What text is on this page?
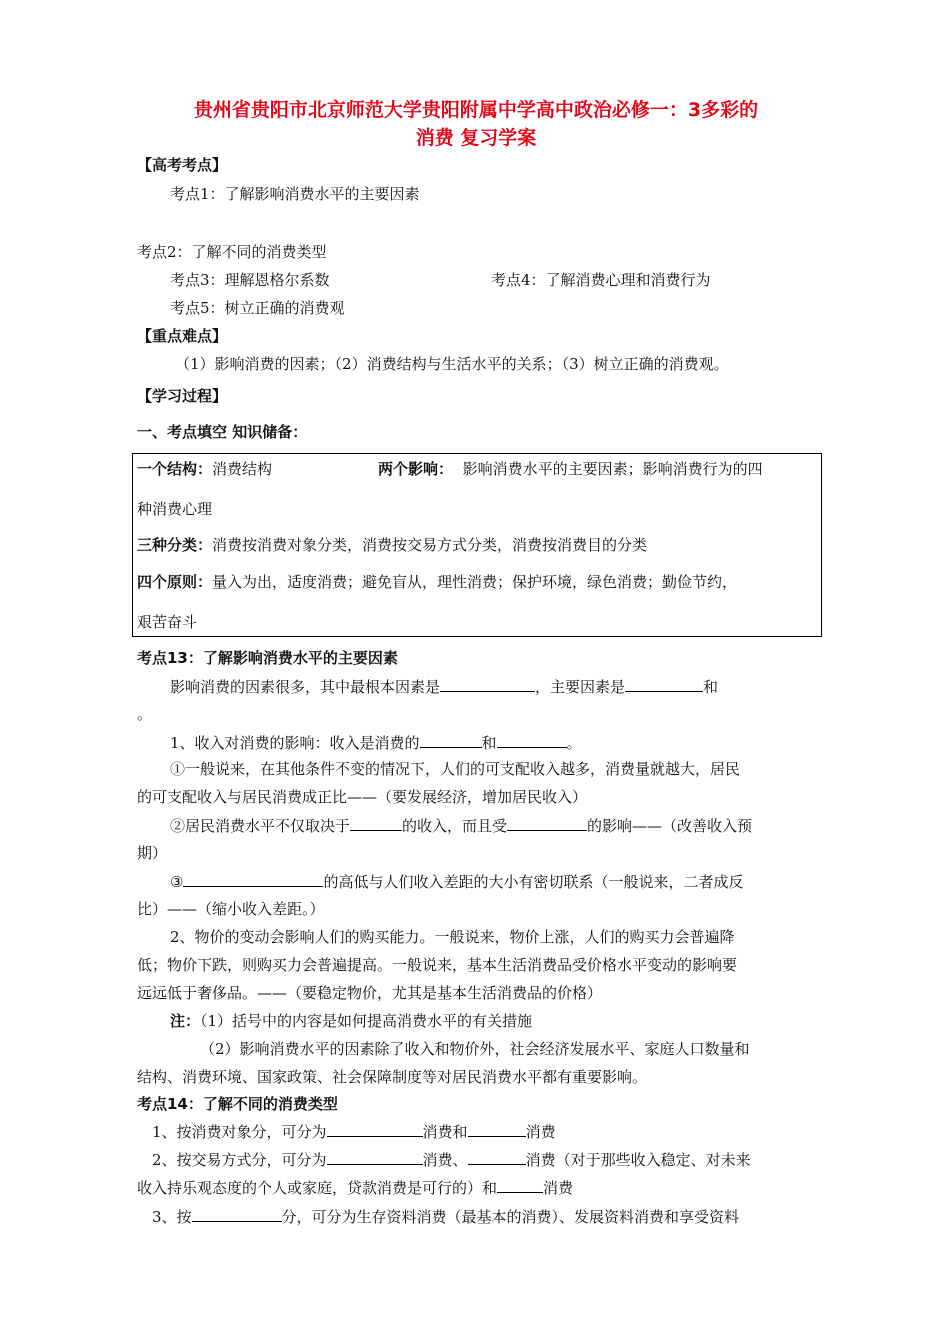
贵州省贵阳市北京师范大学贵阳附属中学高中政治必修一：3多彩的
消费 复习学案
【高考考点】
考点1：了解影响消费水平的主要因素
考点2：了解不同的消费类型
考点3：理解恩格尔系数	考点4：了解消费心理和消费行为
考点5：树立正确的消费观
【重点难点】
（1）影响消费的因素；（2）消费结构与生活水平的关系；（3）树立正确的消费观。
【学习过程】
一、考点填空 知识储备：
一个结构：消费结构	两个影响： 影响消费水平的主要因素；影响消费行为的四
种消费心理
三种分类：消费按消费对象分类，消费按交易方式分类，消费按消费目的分类
四个原则：量入为出，适度消费；避免盲从，理性消费；保护环境，绿色消费；勤俭节约，
艰苦奋斗
考点13：了解影响消费水平的主要因素
影响消费的因素很多，其中最根本因素是	，主要因素是	和
。
1、收入对消费的影响：收入是消费的	和	。
①一般说来，在其他条件不变的情况下，人们的可支配收入越多，消费量就越大，居民
的可支配收入与居民消费成正比——（要发展经济，增加居民收入）
②居民消费水平不仅取决于	的收入，而且受	的影响——（改善收入预
期）
③	的高低与人们收入差距的大小有密切联系（一般说来，二者成反
比）——（缩小收入差距。）
2、物价的变动会影响人们的购买能力。一般说来，物价上涨，人们的购买力会普遍降
低；物价下跌，则购买力会普遍提高。一般说来，基本生活消费品受价格水平变动的影响要
远远低于奢侈品。——（要稳定物价，尤其是基本生活消费品的价格）
注：（1）括号中的内容是如何提高消费水平的有关措施
（2）影响消费水平的因素除了收入和物价外，社会经济发展水平、家庭人口数量和
结构、消费环境、国家政策、社会保障制度等对居民消费水平都有重要影响。
考点14：了解不同的消费类型
1、按消费对象分，可分为	消费和	消费
2、按交易方式分，可分为	消费、	消费（对于那些收入稳定、对未来
收入持乐观态度的个人或家庭，贷款消费是可行的）和	消费
3、按	分，可分为生存资料消费（最基本的消费）、发展资料消费和享受资料
